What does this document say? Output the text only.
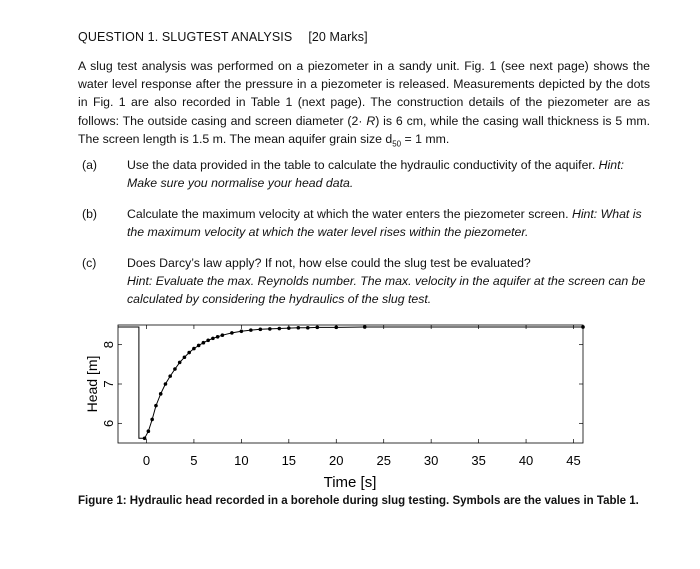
QUESTION 1. SLUGTEST ANALYSIS [20 Marks]
A slug test analysis was performed on a piezometer in a sandy unit. Fig. 1 (see next page) shows the water level response after the pressure in a piezometer is released. Measurements depicted by the dots in Fig. 1 are also recorded in Table 1 (next page). The construction details of the piezometer are as follows: The outside casing and screen diameter (2· R) is 6 cm, while the casing wall thickness is 5 mm. The screen length is 1.5 m. The mean aquifer grain size $d_{50} = 1$ mm.
(a)	Use the data provided in the table to calculate the hydraulic conductivity of the aquifer. Hint: Make sure you normalise your head data.
(b)	Calculate the maximum velocity at which the water enters the piezometer screen. Hint: What is the maximum velocity at which the water level rises within the piezometer.
(c)	Does Darcy’s law apply? If not, how else could the slug test be evaluated?
Hint: Evaluate the max. Reynolds number. The max. velocity in the aquifer at the screen can be calculated by considering the hydraulics of the slug test.
0	5	10	15	20	25	30	35	40	45
6
7
8
Time [s]
Head [m]
Figure 1: Hydraulic head recorded in a borehole during slug testing. Symbols are the values in Table 1.
